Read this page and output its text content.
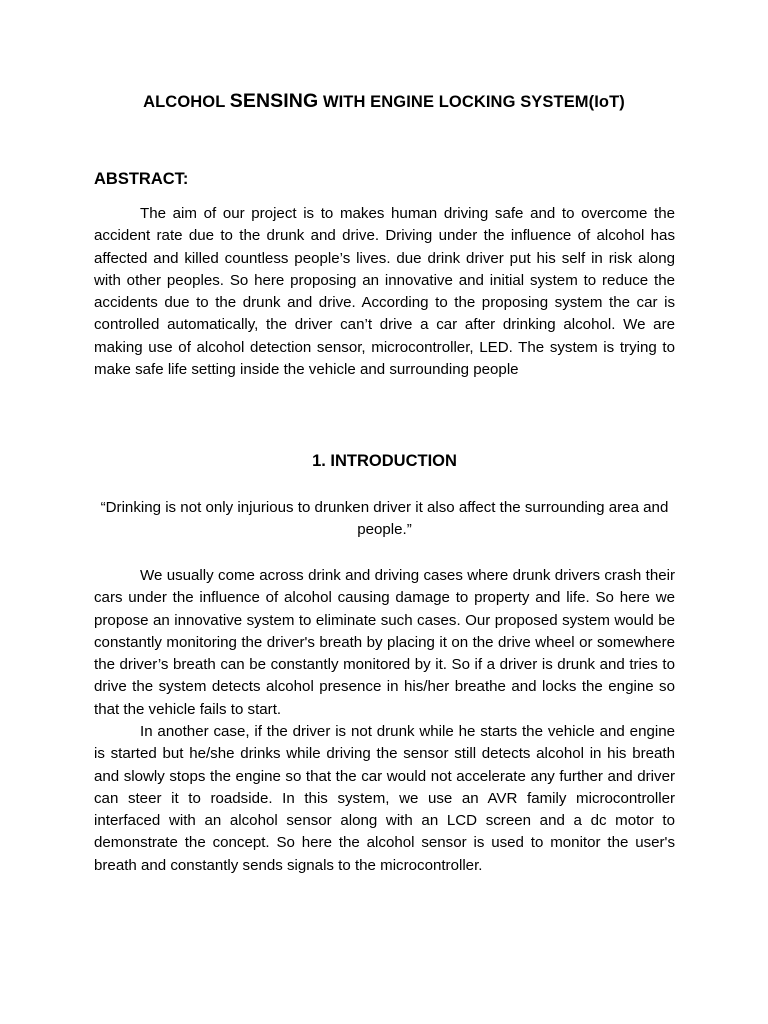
ALCOHOL SENSING WITH ENGINE LOCKING SYSTEM(IoT)
ABSTRACT:
The aim of our project is to makes human driving safe and to overcome the accident rate due to the drunk and drive. Driving under the influence of alcohol has affected and killed countless people’s lives. due drink driver put his self in risk along with other peoples. So here proposing an innovative and initial system to reduce the accidents due to the drunk and drive. According to the proposing system the car is controlled automatically, the driver can’t drive a car after drinking alcohol. We are making use of alcohol detection sensor, microcontroller, LED. The system is trying to make safe life setting inside the vehicle and surrounding people
1. INTRODUCTION
“Drinking is not only injurious to drunken driver it also affect the surrounding area and people.”
We usually come across drink and driving cases where drunk drivers crash their cars under the influence of alcohol causing damage to property and life. So here we propose an innovative system to eliminate such cases. Our proposed system would be constantly monitoring the driver's breath by placing it on the drive wheel or somewhere the driver’s breath can be constantly monitored by it. So if a driver is drunk and tries to drive the system detects alcohol presence in his/her breathe and locks the engine so that the vehicle fails to start.
In another case, if the driver is not drunk while he starts the vehicle and engine is started but he/she drinks while driving the sensor still detects alcohol in his breath and slowly stops the engine so that the car would not accelerate any further and driver can steer it to roadside. In this system, we use an AVR family microcontroller interfaced with an alcohol sensor along with an LCD screen and a dc motor to demonstrate the concept. So here the alcohol sensor is used to monitor the user's breath and constantly sends signals to the microcontroller.
